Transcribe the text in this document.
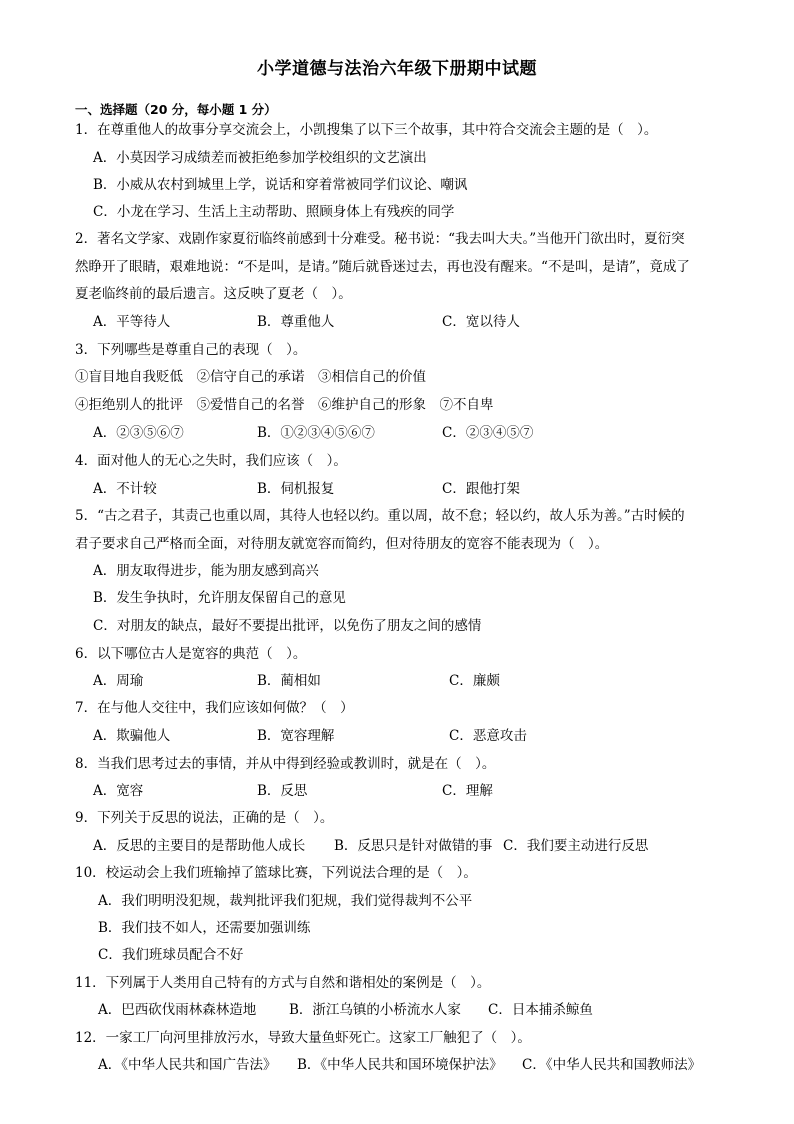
小学道德与法治六年级下册期中试题
一、选择题（20 分，每小题 1 分）
1．在尊重他人的故事分享交流会上，小凯搜集了以下三个故事，其中符合交流会主题的是（　）。
A．小莫因学习成绩差而被拒绝参加学校组织的文艺演出
B．小威从农村到城里上学，说话和穿着常被同学们议论、嘲讽
C．小龙在学习、生活上主动帮助、照顾身体上有残疾的同学
2．著名文学家、戏剧作家夏衍临终前感到十分难受。秘书说：“我去叫大夫。”当他开门欲出时，夏衍突
然睁开了眼睛，艰难地说：“不是叫，是请。”随后就昏迷过去，再也没有醒来。“不是叫，是请”，竟成了
夏老临终前的最后遗言。这反映了夏老（　）。
A．平等待人	B．尊重他人	C．宽以待人
3．下列哪些是尊重自己的表现（　）。
①盲目地自我贬低　②信守自己的承诺　③相信自己的价值
④拒绝别人的批评　⑤爱惜自己的名誉　⑥维护自己的形象　⑦不自卑
A．②③⑤⑥⑦	B．①②③④⑤⑥⑦	C．②③④⑤⑦
4．面对他人的无心之失时，我们应该（　）。
A．不计较	B．伺机报复	C．跟他打架
5．“古之君子，其责己也重以周，其待人也轻以约。重以周，故不怠；轻以约，故人乐为善。”古时候的
君子要求自己严格而全面，对待朋友就宽容而简约，但对待朋友的宽容不能表现为（　）。
A．朋友取得进步，能为朋友感到高兴
B．发生争执时，允许朋友保留自己的意见
C．对朋友的缺点，最好不要提出批评，以免伤了朋友之间的感情
6．以下哪位古人是宽容的典范（　）。
A．周瑜	B．蔺相如	C．廉颇
7．在与他人交往中，我们应该如何做？（　）
A．欺骗他人	B．宽容理解	C．恶意攻击
8．当我们思考过去的事情，并从中得到经验或教训时，就是在（　）。
A．宽容	B．反思	C．理解
9．下列关于反思的说法，正确的是（　）。
A．反思的主要目的是帮助他人成长 B．反思只是针对做错的事 C．我们要主动进行反思
10．校运动会上我们班输掉了篮球比赛，下列说法合理的是（　）。
A．我们明明没犯规，裁判批评我们犯规，我们觉得裁判不公平
B．我们技不如人，还需要加强训练
C．我们班球员配合不好
11．下列属于人类用自己特有的方式与自然和谐相处的案例是（　）。
A．巴西砍伐雨林森林造地 B．浙江乌镇的小桥流水人家 C．日本捕杀鲸鱼
12．一家工厂向河里排放污水，导致大量鱼虾死亡。这家工厂触犯了（　）。
A．《中华人民共和国广告法》 B．《中华人民共和国环境保护法》 C．《中华人民共和国教师法》
